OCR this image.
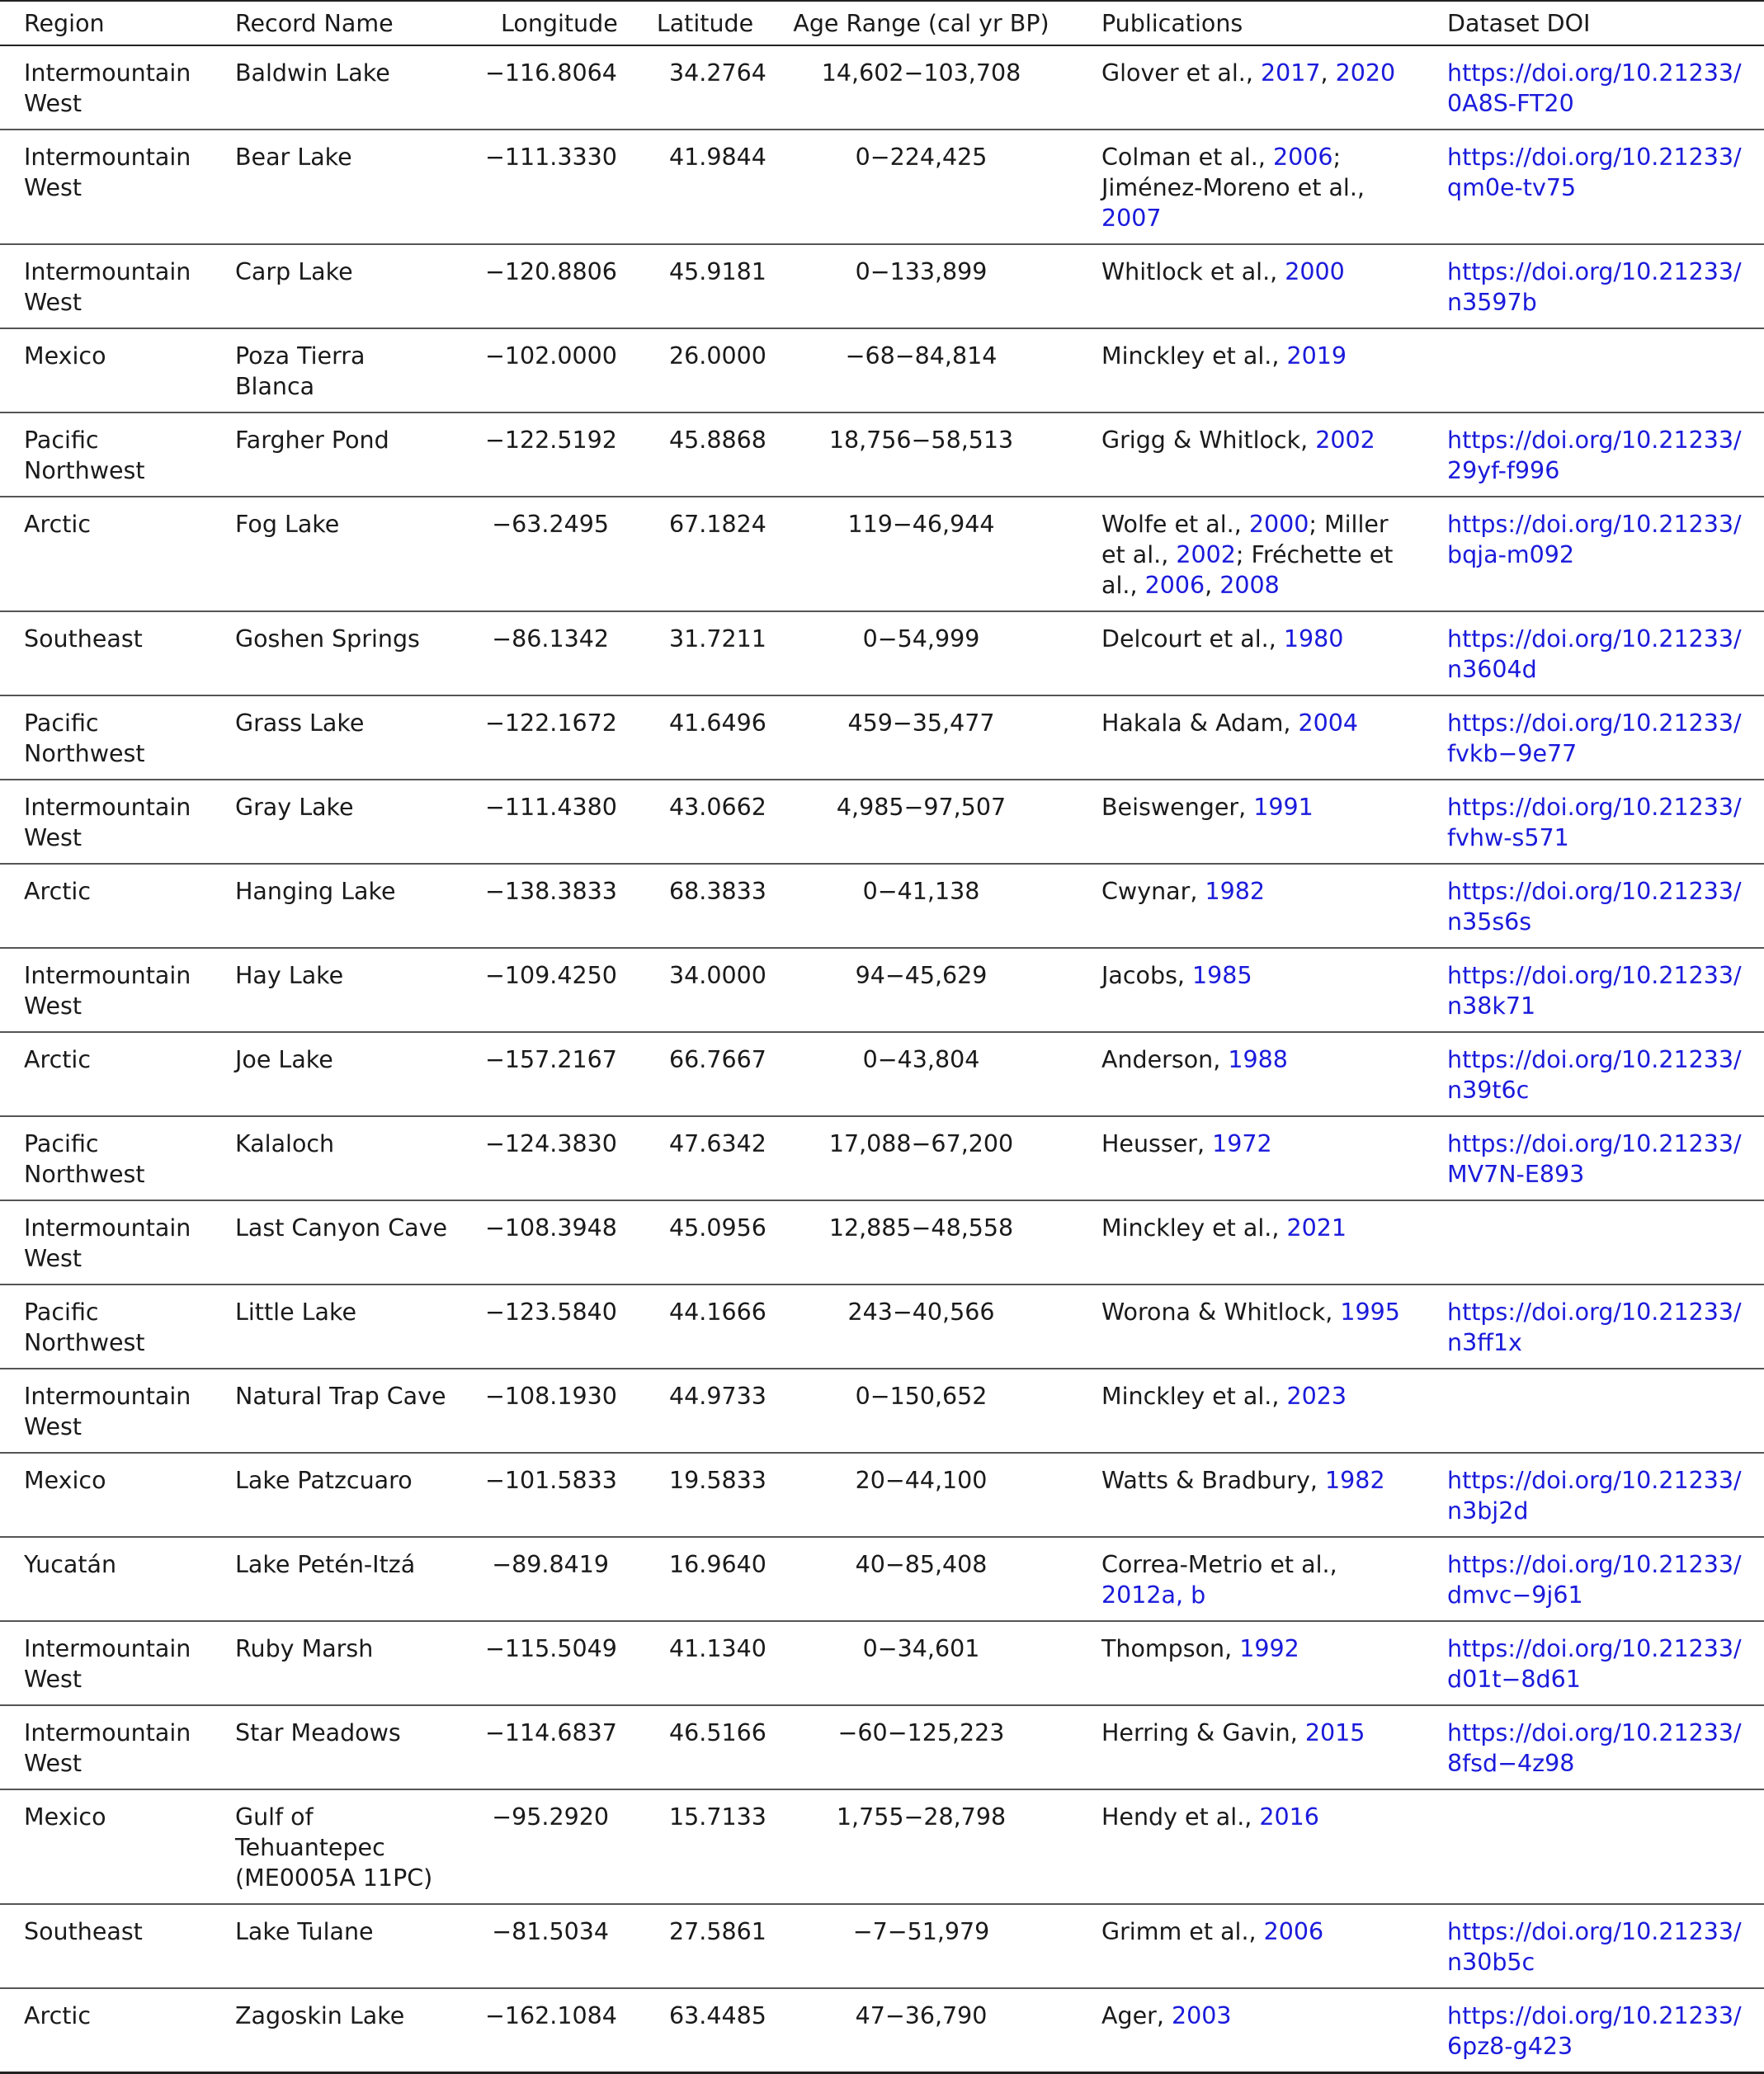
Region	Record Name	Longitude	Latitude	Age Range (cal yr BP)	Publications	Dataset DOI
Intermountain West	Baldwin Lake	−116.8064	34.2764	14,602−103,708	Glover et al., 2017, 2020	https://doi.org/10.21233/
0A8S-FT20
Intermountain West	Bear Lake	−111.3330	41.9844	0−224,425	Colman et al., 2006; Jiménez-Moreno et al., 2007	https://doi.org/10.21233/
qm0e-tv75
Intermountain West	Carp Lake	−120.8806	45.9181	0−133,899	Whitlock et al., 2000	https://doi.org/10.21233/
n3597b
Mexico	Poza Tierra Blanca	−102.0000	26.0000	−68−84,814	Minckley et al., 2019	
Pacific Northwest	Fargher Pond	−122.5192	45.8868	18,756−58,513	Grigg & Whitlock, 2002	https://doi.org/10.21233/
29yf-f996
Arctic	Fog Lake	−63.2495	67.1824	119−46,944	Wolfe et al., 2000; Miller et al., 2002; Fréchette et al., 2006, 2008	https://doi.org/10.21233/
bqja-m092
Southeast	Goshen Springs	−86.1342	31.7211	0−54,999	Delcourt et al., 1980	https://doi.org/10.21233/
n3604d
Pacific Northwest	Grass Lake	−122.1672	41.6496	459−35,477	Hakala & Adam, 2004	https://doi.org/10.21233/
fvkb−9e77
Intermountain West	Gray Lake	−111.4380	43.0662	4,985−97,507	Beiswenger, 1991	https://doi.org/10.21233/
fvhw-s571
Arctic	Hanging Lake	−138.3833	68.3833	0−41,138	Cwynar, 1982	https://doi.org/10.21233/
n35s6s
Intermountain West	Hay Lake	−109.4250	34.0000	94−45,629	Jacobs, 1985	https://doi.org/10.21233/
n38k71
Arctic	Joe Lake	−157.2167	66.7667	0−43,804	Anderson, 1988	https://doi.org/10.21233/
n39t6c
Pacific Northwest	Kalaloch	−124.3830	47.6342	17,088−67,200	Heusser, 1972	https://doi.org/10.21233/
MV7N-E893
Intermountain West	Last Canyon Cave	−108.3948	45.0956	12,885−48,558	Minckley et al., 2021	
Pacific Northwest	Little Lake	−123.5840	44.1666	243−40,566	Worona & Whitlock, 1995	https://doi.org/10.21233/
n3ff1x
Intermountain West	Natural Trap Cave	−108.1930	44.9733	0−150,652	Minckley et al., 2023	
Mexico	Lake Patzcuaro	−101.5833	19.5833	20−44,100	Watts & Bradbury, 1982	https://doi.org/10.21233/
n3bj2d
Yucatán	Lake Petén-Itzá	−89.8419	16.9640	40−85,408	Correa-Metrio et al., 2012a, b	https://doi.org/10.21233/
dmvc−9j61
Intermountain West	Ruby Marsh	−115.5049	41.1340	0−34,601	Thompson, 1992	https://doi.org/10.21233/
d01t−8d61
Intermountain West	Star Meadows	−114.6837	46.5166	−60−125,223	Herring & Gavin, 2015	https://doi.org/10.21233/
8fsd−4z98
Mexico	Gulf of Tehuantepec (ME0005A 11PC)	−95.2920	15.7133	1,755−28,798	Hendy et al., 2016	
Southeast	Lake Tulane	−81.5034	27.5861	−7−51,979	Grimm et al., 2006	https://doi.org/10.21233/
n30b5c
Arctic	Zagoskin Lake	−162.1084	63.4485	47−36,790	Ager, 2003	https://doi.org/10.21233/
6pz8-g423
